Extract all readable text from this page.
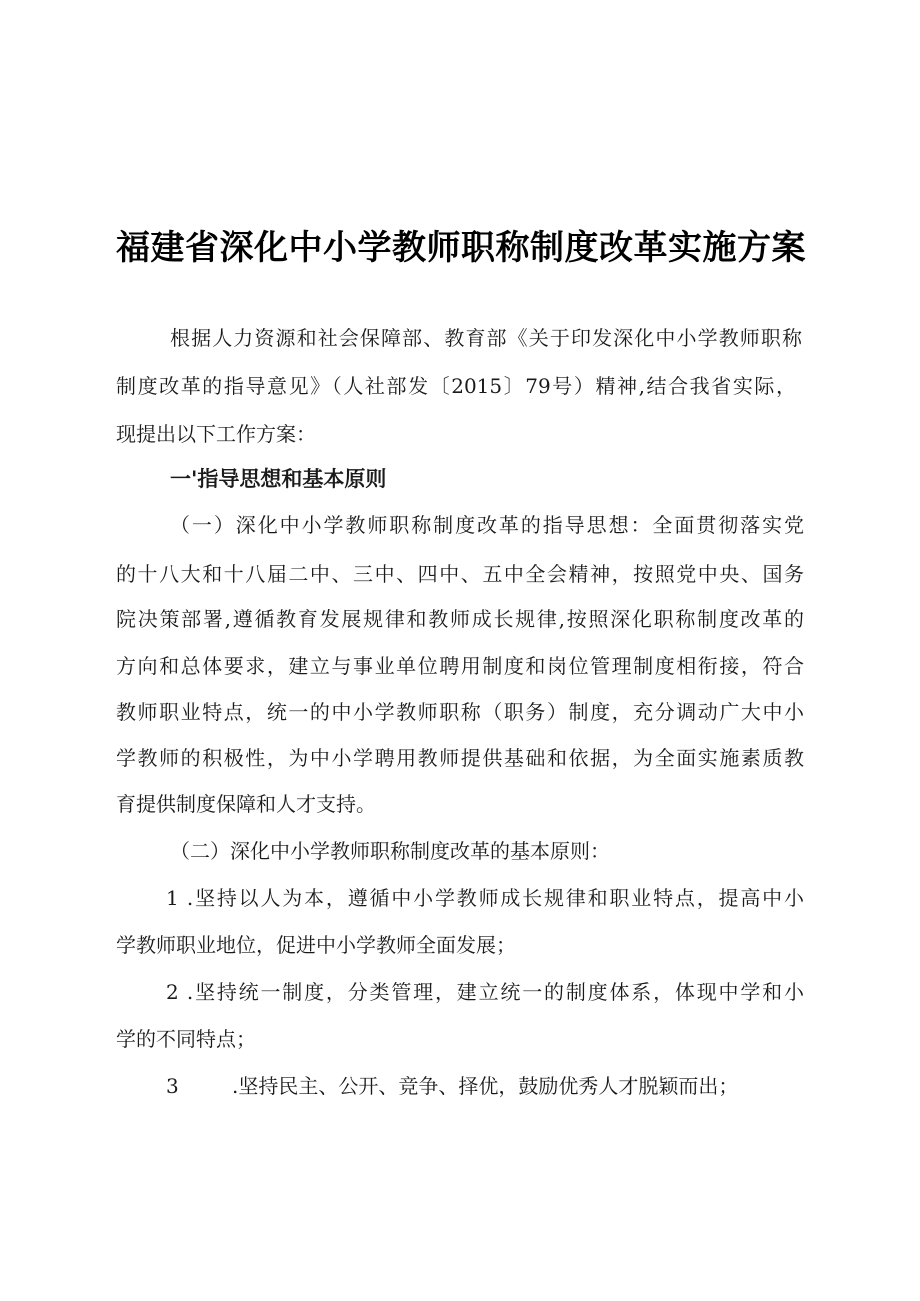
福建省深化中小学教师职称制度改革实施方案
根据人力资源和社会保障部、教育部《关于印发深化中小学教师职称
制度改革的指导意见》（人社部发〔2015〕79号）精神,结合我省实际，
现提出以下工作方案：
一'指导思想和基本原则
（一）深化中小学教师职称制度改革的指导思想：全面贯彻落实党
的十八大和十八届二中、三中、四中、五中全会精神，按照党中央、国务
院决策部署,遵循教育发展规律和教师成长规律,按照深化职称制度改革的
方向和总体要求，建立与事业单位聘用制度和岗位管理制度相衔接，符合
教师职业特点，统一的中小学教师职称（职务）制度，充分调动广大中小
学教师的积极性，为中小学聘用教师提供基础和依据，为全面实施素质教
育提供制度保障和人才支持。
（二）深化中小学教师职称制度改革的基本原则：
1 .坚持以人为本，遵循中小学教师成长规律和职业特点，提高中小
学教师职业地位，促进中小学教师全面发展；
2 .坚持统一制度，分类管理，建立统一的制度体系，体现中学和小
学的不同特点；
3	.坚持民主、公开、竞争、择优，鼓励优秀人才脱颖而出；
